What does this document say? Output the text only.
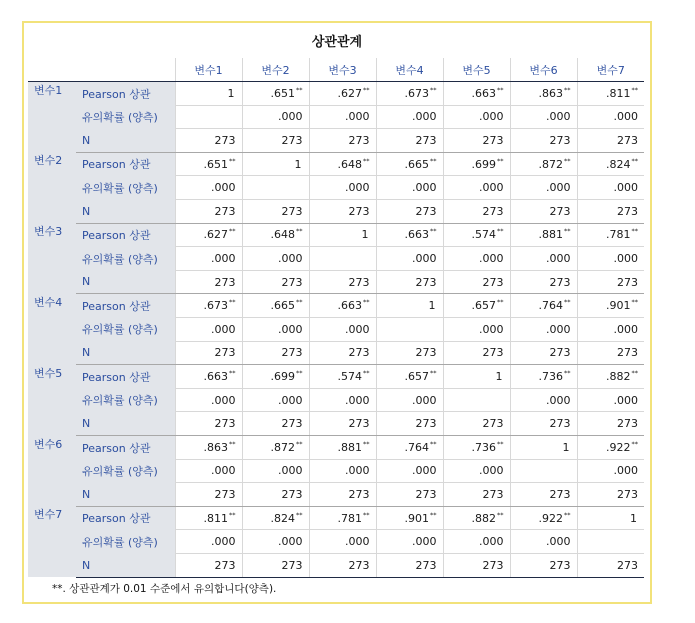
상관관계
		변수1	변수2	변수3	변수4	변수5	변수6	변수7
변수1	Pearson 상관	1	.651**	.627**	.673**	.663**	.863**	.811**
	유의확률 (양측)		.000	.000	.000	.000	.000	.000
	N	273	273	273	273	273	273	273
변수2	Pearson 상관	.651**	1	.648**	.665**	.699**	.872**	.824**
	유의확률 (양측)	.000		.000	.000	.000	.000	.000
	N	273	273	273	273	273	273	273
변수3	Pearson 상관	.627**	.648**	1	.663**	.574**	.881**	.781**
	유의확률 (양측)	.000	.000		.000	.000	.000	.000
	N	273	273	273	273	273	273	273
변수4	Pearson 상관	.673**	.665**	.663**	1	.657**	.764**	.901**
	유의확률 (양측)	.000	.000	.000		.000	.000	.000
	N	273	273	273	273	273	273	273
변수5	Pearson 상관	.663**	.699**	.574**	.657**	1	.736**	.882**
	유의확률 (양측)	.000	.000	.000	.000		.000	.000
	N	273	273	273	273	273	273	273
변수6	Pearson 상관	.863**	.872**	.881**	.764**	.736**	1	.922**
	유의확률 (양측)	.000	.000	.000	.000	.000		.000
	N	273	273	273	273	273	273	273
변수7	Pearson 상관	.811**	.824**	.781**	.901**	.882**	.922**	1
	유의확률 (양측)	.000	.000	.000	.000	.000	.000	
	N	273	273	273	273	273	273	273
**. 상관관계가 0.01 수준에서 유의합니다(양측).
